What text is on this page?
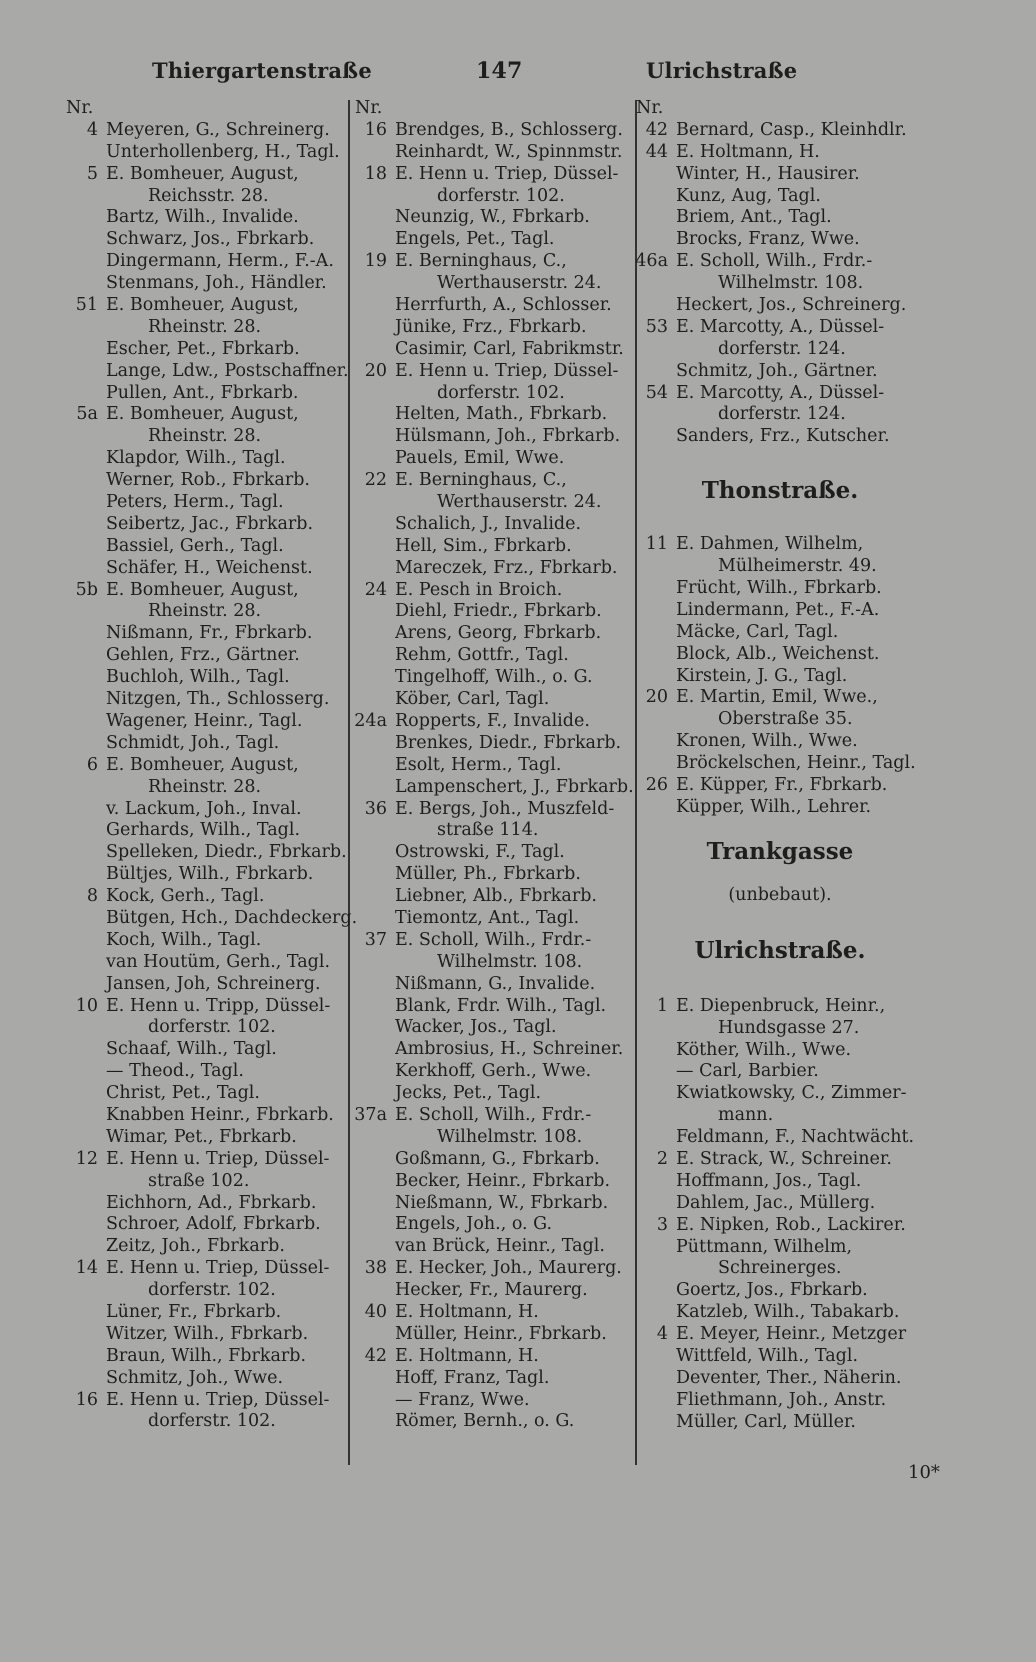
Thiergartenstraße	147	Ulrichstraße
Nr.
4 Meyeren, G., Schreinerg.
Unterhollenberg, H., Tagl.
5 E. Bomheuer, August,
Reichsstr. 28.
Bartz, Wilh., Invalide.
Schwarz, Jos., Fbrkarb.
Dingermann, Herm., F.-A.
Stenmans, Joh., Händler.
51 E. Bomheuer, August,
Rheinstr. 28.
Escher, Pet., Fbrkarb.
Lange, Ldw., Postschaffner.
Pullen, Ant., Fbrkarb.
5a E. Bomheuer, August,
Rheinstr. 28.
Klapdor, Wilh., Tagl.
Werner, Rob., Fbrkarb.
Peters, Herm., Tagl.
Seibertz, Jac., Fbrkarb.
Bassiel, Gerh., Tagl.
Schäfer, H., Weichenst.
5b E. Bomheuer, August,
Rheinstr. 28.
Nißmann, Fr., Fbrkarb.
Gehlen, Frz., Gärtner.
Buchloh, Wilh., Tagl.
Nitzgen, Th., Schlosserg.
Wagener, Heinr., Tagl.
Schmidt, Joh., Tagl.
6 E. Bomheuer, August,
Rheinstr. 28.
v. Lackum, Joh., Inval.
Gerhards, Wilh., Tagl.
Spelleken, Diedr., Fbrkarb.
Bültjes, Wilh., Fbrkarb.
8 Kock, Gerh., Tagl.
Bütgen, Hch., Dachdeckerg.
Koch, Wilh., Tagl.
van Houtüm, Gerh., Tagl.
Jansen, Joh, Schreinerg.
10 E. Henn u. Tripp, Düssel-
dorferstr. 102.
Schaaf, Wilh., Tagl.
— Theod., Tagl.
Christ, Pet., Tagl.
Knabben Heinr., Fbrkarb.
Wimar, Pet., Fbrkarb.
12 E. Henn u. Triep, Düssel-
straße 102.
Eichhorn, Ad., Fbrkarb.
Schroer, Adolf, Fbrkarb.
Zeitz, Joh., Fbrkarb.
14 E. Henn u. Triep, Düssel-
dorferstr. 102.
Lüner, Fr., Fbrkarb.
Witzer, Wilh., Fbrkarb.
Braun, Wilh., Fbrkarb.
Schmitz, Joh., Wwe.
16 E. Henn u. Triep, Düssel-
dorferstr. 102.
Nr.
16 Brendges, B., Schlosserg.
Reinhardt, W., Spinnmstr.
18 E. Henn u. Triep, Düssel-
dorferstr. 102.
Neunzig, W., Fbrkarb.
Engels, Pet., Tagl.
19 E. Berninghaus, C.,
Werthauserstr. 24.
Herrfurth, A., Schlosser.
Jünike, Frz., Fbrkarb.
Casimir, Carl, Fabrikmstr.
20 E. Henn u. Triep, Düssel-
dorferstr. 102.
Helten, Math., Fbrkarb.
Hülsmann, Joh., Fbrkarb.
Pauels, Emil, Wwe.
22 E. Berninghaus, C.,
Werthauserstr. 24.
Schalich, J., Invalide.
Hell, Sim., Fbrkarb.
Mareczek, Frz., Fbrkarb.
24 E. Pesch in Broich.
Diehl, Friedr., Fbrkarb.
Arens, Georg, Fbrkarb.
Rehm, Gottfr., Tagl.
Tingelhoff, Wilh., o. G.
Köber, Carl, Tagl.
24a Ropperts, F., Invalide.
Brenkes, Diedr., Fbrkarb.
Esolt, Herm., Tagl.
Lampenschert, J., Fbrkarb.
36 E. Bergs, Joh., Muszfeld-
straße 114.
Ostrowski, F., Tagl.
Müller, Ph., Fbrkarb.
Liebner, Alb., Fbrkarb.
Tiemontz, Ant., Tagl.
37 E. Scholl, Wilh., Frdr.-
Wilhelmstr. 108.
Nißmann, G., Invalide.
Blank, Frdr. Wilh., Tagl.
Wacker, Jos., Tagl.
Ambrosius, H., Schreiner.
Kerkhoff, Gerh., Wwe.
Jecks, Pet., Tagl.
37a E. Scholl, Wilh., Frdr.-
Wilhelmstr. 108.
Goßmann, G., Fbrkarb.
Becker, Heinr., Fbrkarb.
Nießmann, W., Fbrkarb.
Engels, Joh., o. G.
van Brück, Heinr., Tagl.
38 E. Hecker, Joh., Maurerg.
Hecker, Fr., Maurerg.
40 E. Holtmann, H.
Müller, Heinr., Fbrkarb.
42 E. Holtmann, H.
Hoff, Franz, Tagl.
— Franz, Wwe.
Römer, Bernh., o. G.
Nr.
42 Bernard, Casp., Kleinhdlr.
44 E. Holtmann, H.
Winter, H., Hausirer.
Kunz, Aug, Tagl.
Briem, Ant., Tagl.
Brocks, Franz, Wwe.
46a E. Scholl, Wilh., Frdr.-
Wilhelmstr. 108.
Heckert, Jos., Schreinerg.
53 E. Marcotty, A., Düssel-
dorferstr. 124.
Schmitz, Joh., Gärtner.
54 E. Marcotty, A., Düssel-
dorferstr. 124.
Sanders, Frz., Kutscher.
Thonstraße.
11 E. Dahmen, Wilhelm,
Mülheimerstr. 49.
Frücht, Wilh., Fbrkarb.
Lindermann, Pet., F.-A.
Mäcke, Carl, Tagl.
Block, Alb., Weichenst.
Kirstein, J. G., Tagl.
20 E. Martin, Emil, Wwe.,
Oberstraße 35.
Kronen, Wilh., Wwe.
Bröckelschen, Heinr., Tagl.
26 E. Küpper, Fr., Fbrkarb.
Küpper, Wilh., Lehrer.
Trankgasse
(unbebaut).
Ulrichstraße.
1 E. Diepenbruck, Heinr.,
Hundsgasse 27.
Köther, Wilh., Wwe.
— Carl, Barbier.
Kwiatkowsky, C., Zimmer-
mann.
Feldmann, F., Nachtwächt.
2 E. Strack, W., Schreiner.
Hoffmann, Jos., Tagl.
Dahlem, Jac., Müllerg.
3 E. Nipken, Rob., Lackirer.
Püttmann, Wilhelm,
Schreinerges.
Goertz, Jos., Fbrkarb.
Katzleb, Wilh., Tabakarb.
4 E. Meyer, Heinr., Metzger
Wittfeld, Wilh., Tagl.
Deventer, Ther., Näherin.
Fliethmann, Joh., Anstr.
Müller, Carl, Müller.
10*
